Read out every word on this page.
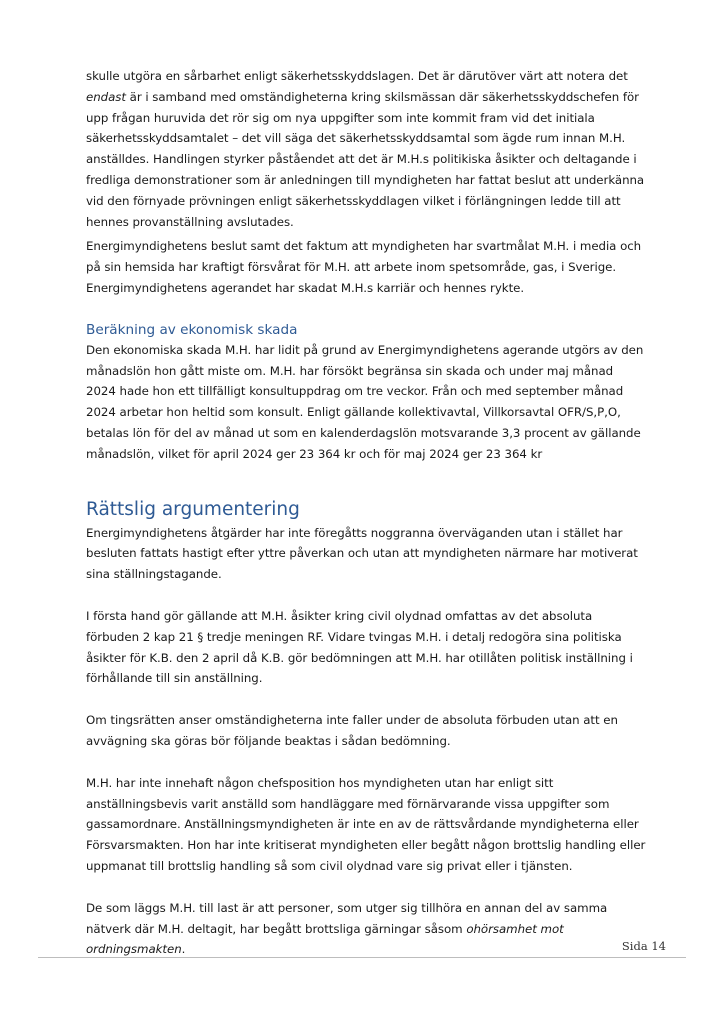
skulle utgöra en sårbarhet enligt säkerhetsskyddslagen. Det är därutöver värt att notera det endast är i samband med omständigheterna kring skilsmässan där säkerhetsskyddschefen för upp frågan huruvida det rör sig om nya uppgifter som inte kommit fram vid det initiala säkerhetsskyddsamtalet – det vill säga det säkerhetsskyddsamtal som ägde rum innan M.H. anställdes. Handlingen styrker påståendet att det är M.H.s politikiska åsikter och deltagande i fredliga demonstrationer som är anledningen till myndigheten har fattat beslut att underkänna vid den förnyade prövningen enligt säkerhetsskyddlagen vilket i förlängningen ledde till att hennes provanställning avslutades.

Energimyndighetens beslut samt det faktum att myndigheten har svartmålat M.H. i media och på sin hemsida har kraftigt försvårat för M.H. att arbete inom spetsområde, gas, i Sverige. Energimyndighetens agerandet har skadat M.H.s karriär och hennes rykte.

Beräkning av ekonomisk skada

Den ekonomiska skada M.H. har lidit på grund av Energimyndighetens agerande utgörs av den månadslön hon gått miste om. M.H. har försökt begränsa sin skada och under maj månad 2024 hade hon ett tillfälligt konsultuppdrag om tre veckor. Från och med september månad 2024 arbetar hon heltid som konsult. Enligt gällande kollektivavtal, Villkorsavtal OFR/S,P,O, betalas lön för del av månad ut som en kalenderdagslön motsvarande 3,3 procent av gällande månadslön, vilket för april 2024 ger 23 364 kr och för maj 2024 ger 23 364 kr

Rättslig argumentering

Energimyndighetens åtgärder har inte föregåtts noggranna överväganden utan i stället har besluten fattats hastigt efter yttre påverkan och utan att myndigheten närmare har motiverat sina ställningstagande.

I första hand gör gällande att M.H. åsikter kring civil olydnad omfattas av det absoluta förbuden 2 kap 21 § tredje meningen RF. Vidare tvingas M.H. i detalj redogöra sina politiska åsikter för K.B. den 2 april då K.B. gör bedömningen att M.H. har otillåten politisk inställning i förhållande till sin anställning.

Om tingsrätten anser omständigheterna inte faller under de absoluta förbuden utan att en avvägning ska göras bör följande beaktas i sådan bedömning.

M.H. har inte innehaft någon chefsposition hos myndigheten utan har enligt sitt anställningsbevis varit anställd som handläggare med förnärvarande vissa uppgifter som gassamordnare. Anställningsmyndigheten är inte en av de rättsvårdande myndigheterna eller Försvarsmakten. Hon har inte kritiserat myndigheten eller begått någon brottslig handling eller uppmanat till brottslig handling så som civil olydnad vare sig privat eller i tjänsten.

De som läggs M.H. till last är att personer, som utger sig tillhöra en annan del av samma nätverk där M.H. deltagit, har begått brottsliga gärningar såsom ohörsamhet mot ordningsmakten.	Sida 14
